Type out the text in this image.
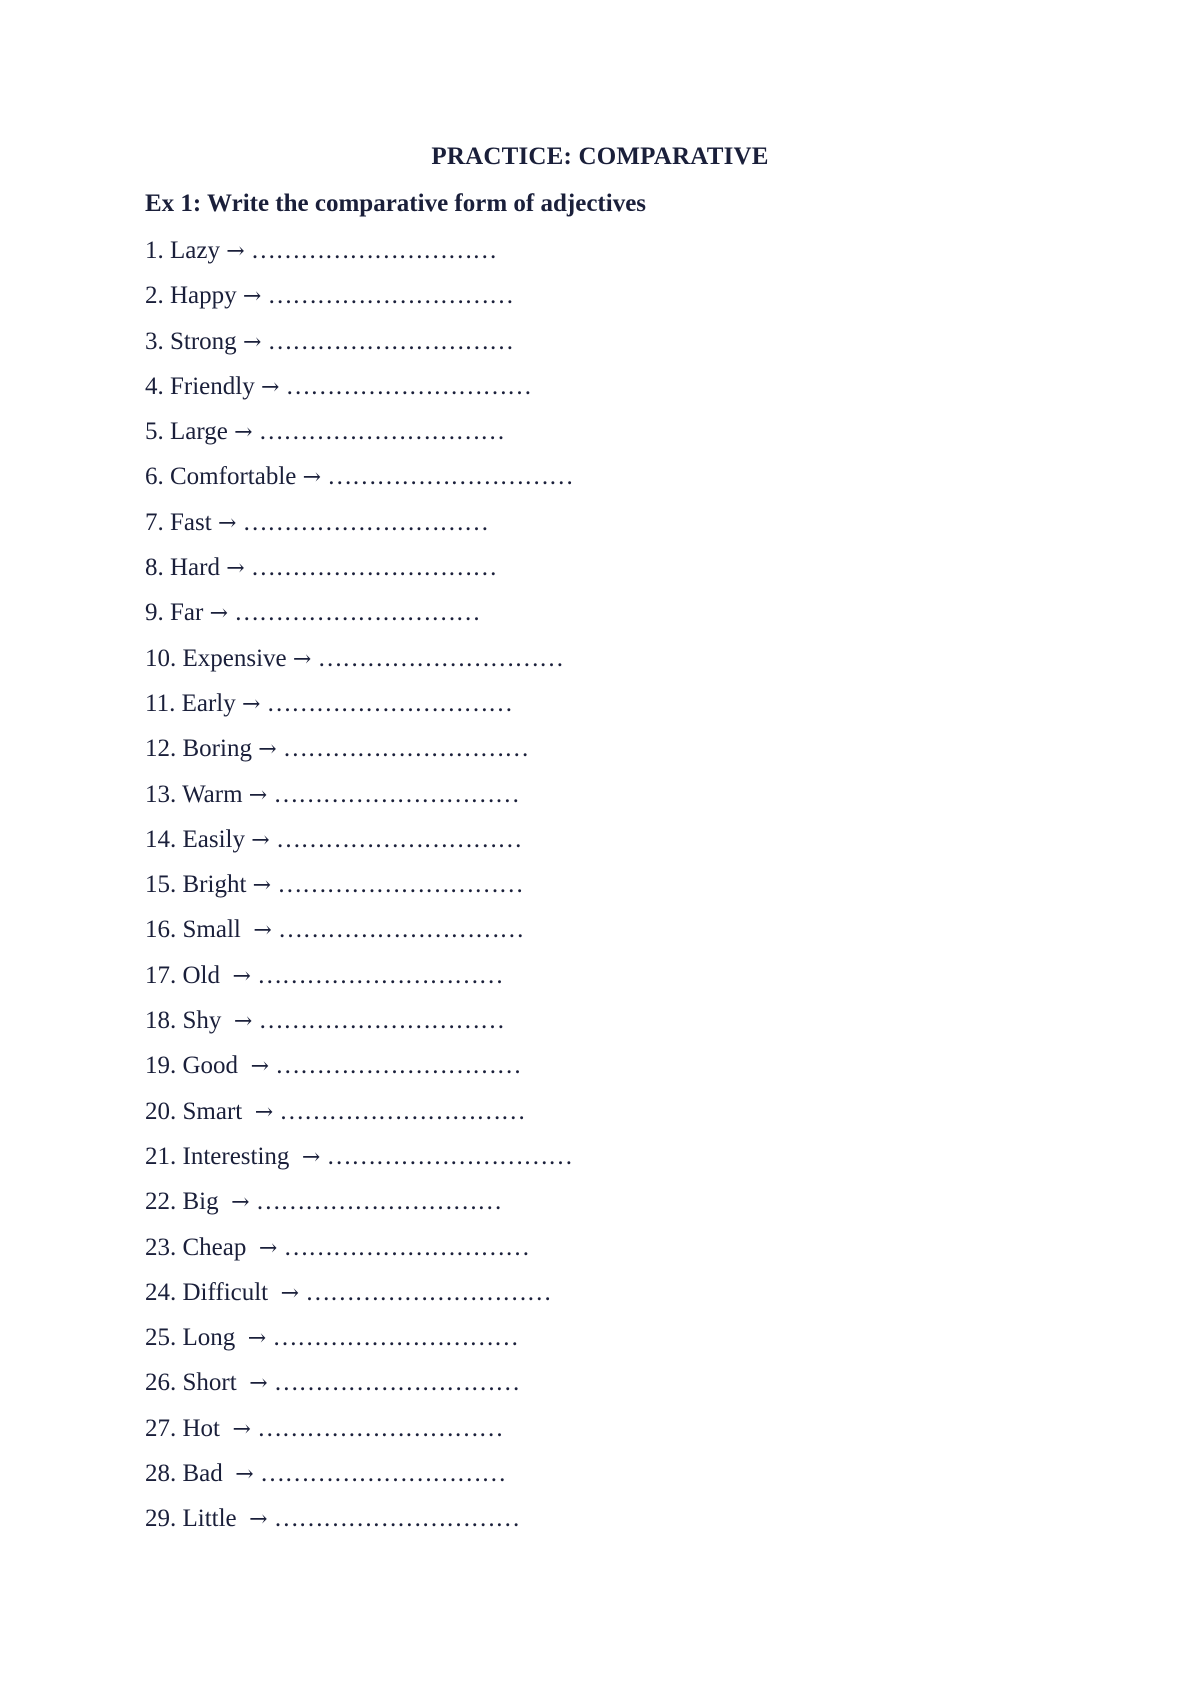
PRACTICE: COMPARATIVE
Ex 1: Write the comparative form of adjectives
1. Lazy → …………………………
2. Happy → …………………………
3. Strong → …………………………
4. Friendly → …………………………
5. Large → …………………………
6. Comfortable → …………………………
7. Fast → …………………………
8. Hard → …………………………
9. Far → …………………………
10. Expensive → …………………………
11. Early → …………………………
12. Boring → …………………………
13. Warm → …………………………
14. Easily → …………………………
15. Bright → …………………………
16. Small → …………………………
17. Old → …………………………
18. Shy → …………………………
19. Good → …………………………
20. Smart → …………………………
21. Interesting → …………………………
22. Big → …………………………
23. Cheap → …………………………
24. Difficult → …………………………
25. Long → …………………………
26. Short → …………………………
27. Hot → …………………………
28. Bad → …………………………
29. Little → …………………………
